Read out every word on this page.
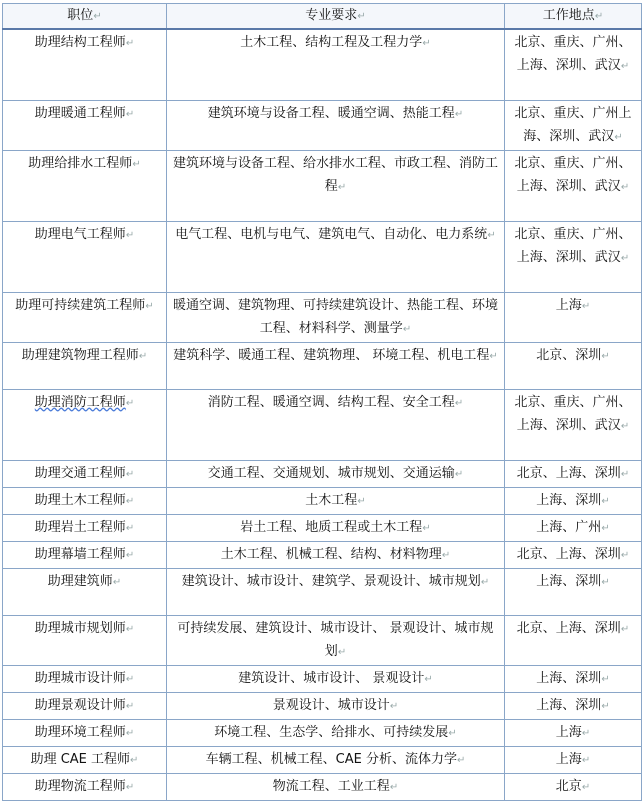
职位↵	专业要求↵	工作地点↵
助理结构工程师↵	土木工程、结构工程及工程力学↵	北京、重庆、广州、上海、深圳、武汉↵
助理暖通工程师↵	建筑环境与设备工程、暖通空调、热能工程↵	北京、重庆、广州上海、深圳、武汉↵
助理给排水工程师↵	建筑环境与设备工程、给水排水工程、市政工程、消防工程↵	北京、重庆、广州、上海、深圳、武汉↵
助理电气工程师↵	电气工程、电机与电气、建筑电气、自动化、电力系统↵	北京、重庆、广州、上海、深圳、武汉↵
助理可持续建筑工程师↵	暖通空调、建筑物理、可持续建筑设计、热能工程、环境工程、材料科学、测量学↵	上海↵
助理建筑物理工程师↵	建筑科学、暖通工程、建筑物理、 环境工程、机电工程↵	北京、深圳↵
助理消防工程师↵	消防工程、暖通空调、结构工程、安全工程↵	北京、重庆、广州、上海、深圳、武汉↵
助理交通工程师↵	交通工程、交通规划、城市规划、交通运输↵	北京、上海、深圳↵
助理土木工程师↵	土木工程↵	上海、深圳↵
助理岩土工程师↵	岩土工程、地质工程或土木工程↵	上海、广州↵
助理幕墙工程师↵	土木工程、机械工程、结构、材料物理↵	北京、上海、深圳↵
助理建筑师↵	建筑设计、城市设计、建筑学、景观设计、城市规划↵	上海、深圳↵
助理城市规划师↵	可持续发展、建筑设计、城市设计、 景观设计、城市规划↵	北京、上海、深圳↵
助理城市设计师↵	建筑设计、城市设计、 景观设计↵	上海、深圳↵
助理景观设计师↵	景观设计、城市设计↵	上海、深圳↵
助理环境工程师↵	环境工程、生态学、给排水、可持续发展↵	上海↵
助理 CAE 工程师↵	车辆工程、机械工程、CAE 分析、流体力学↵	上海↵
助理物流工程师↵	物流工程、工业工程↵	北京↵
